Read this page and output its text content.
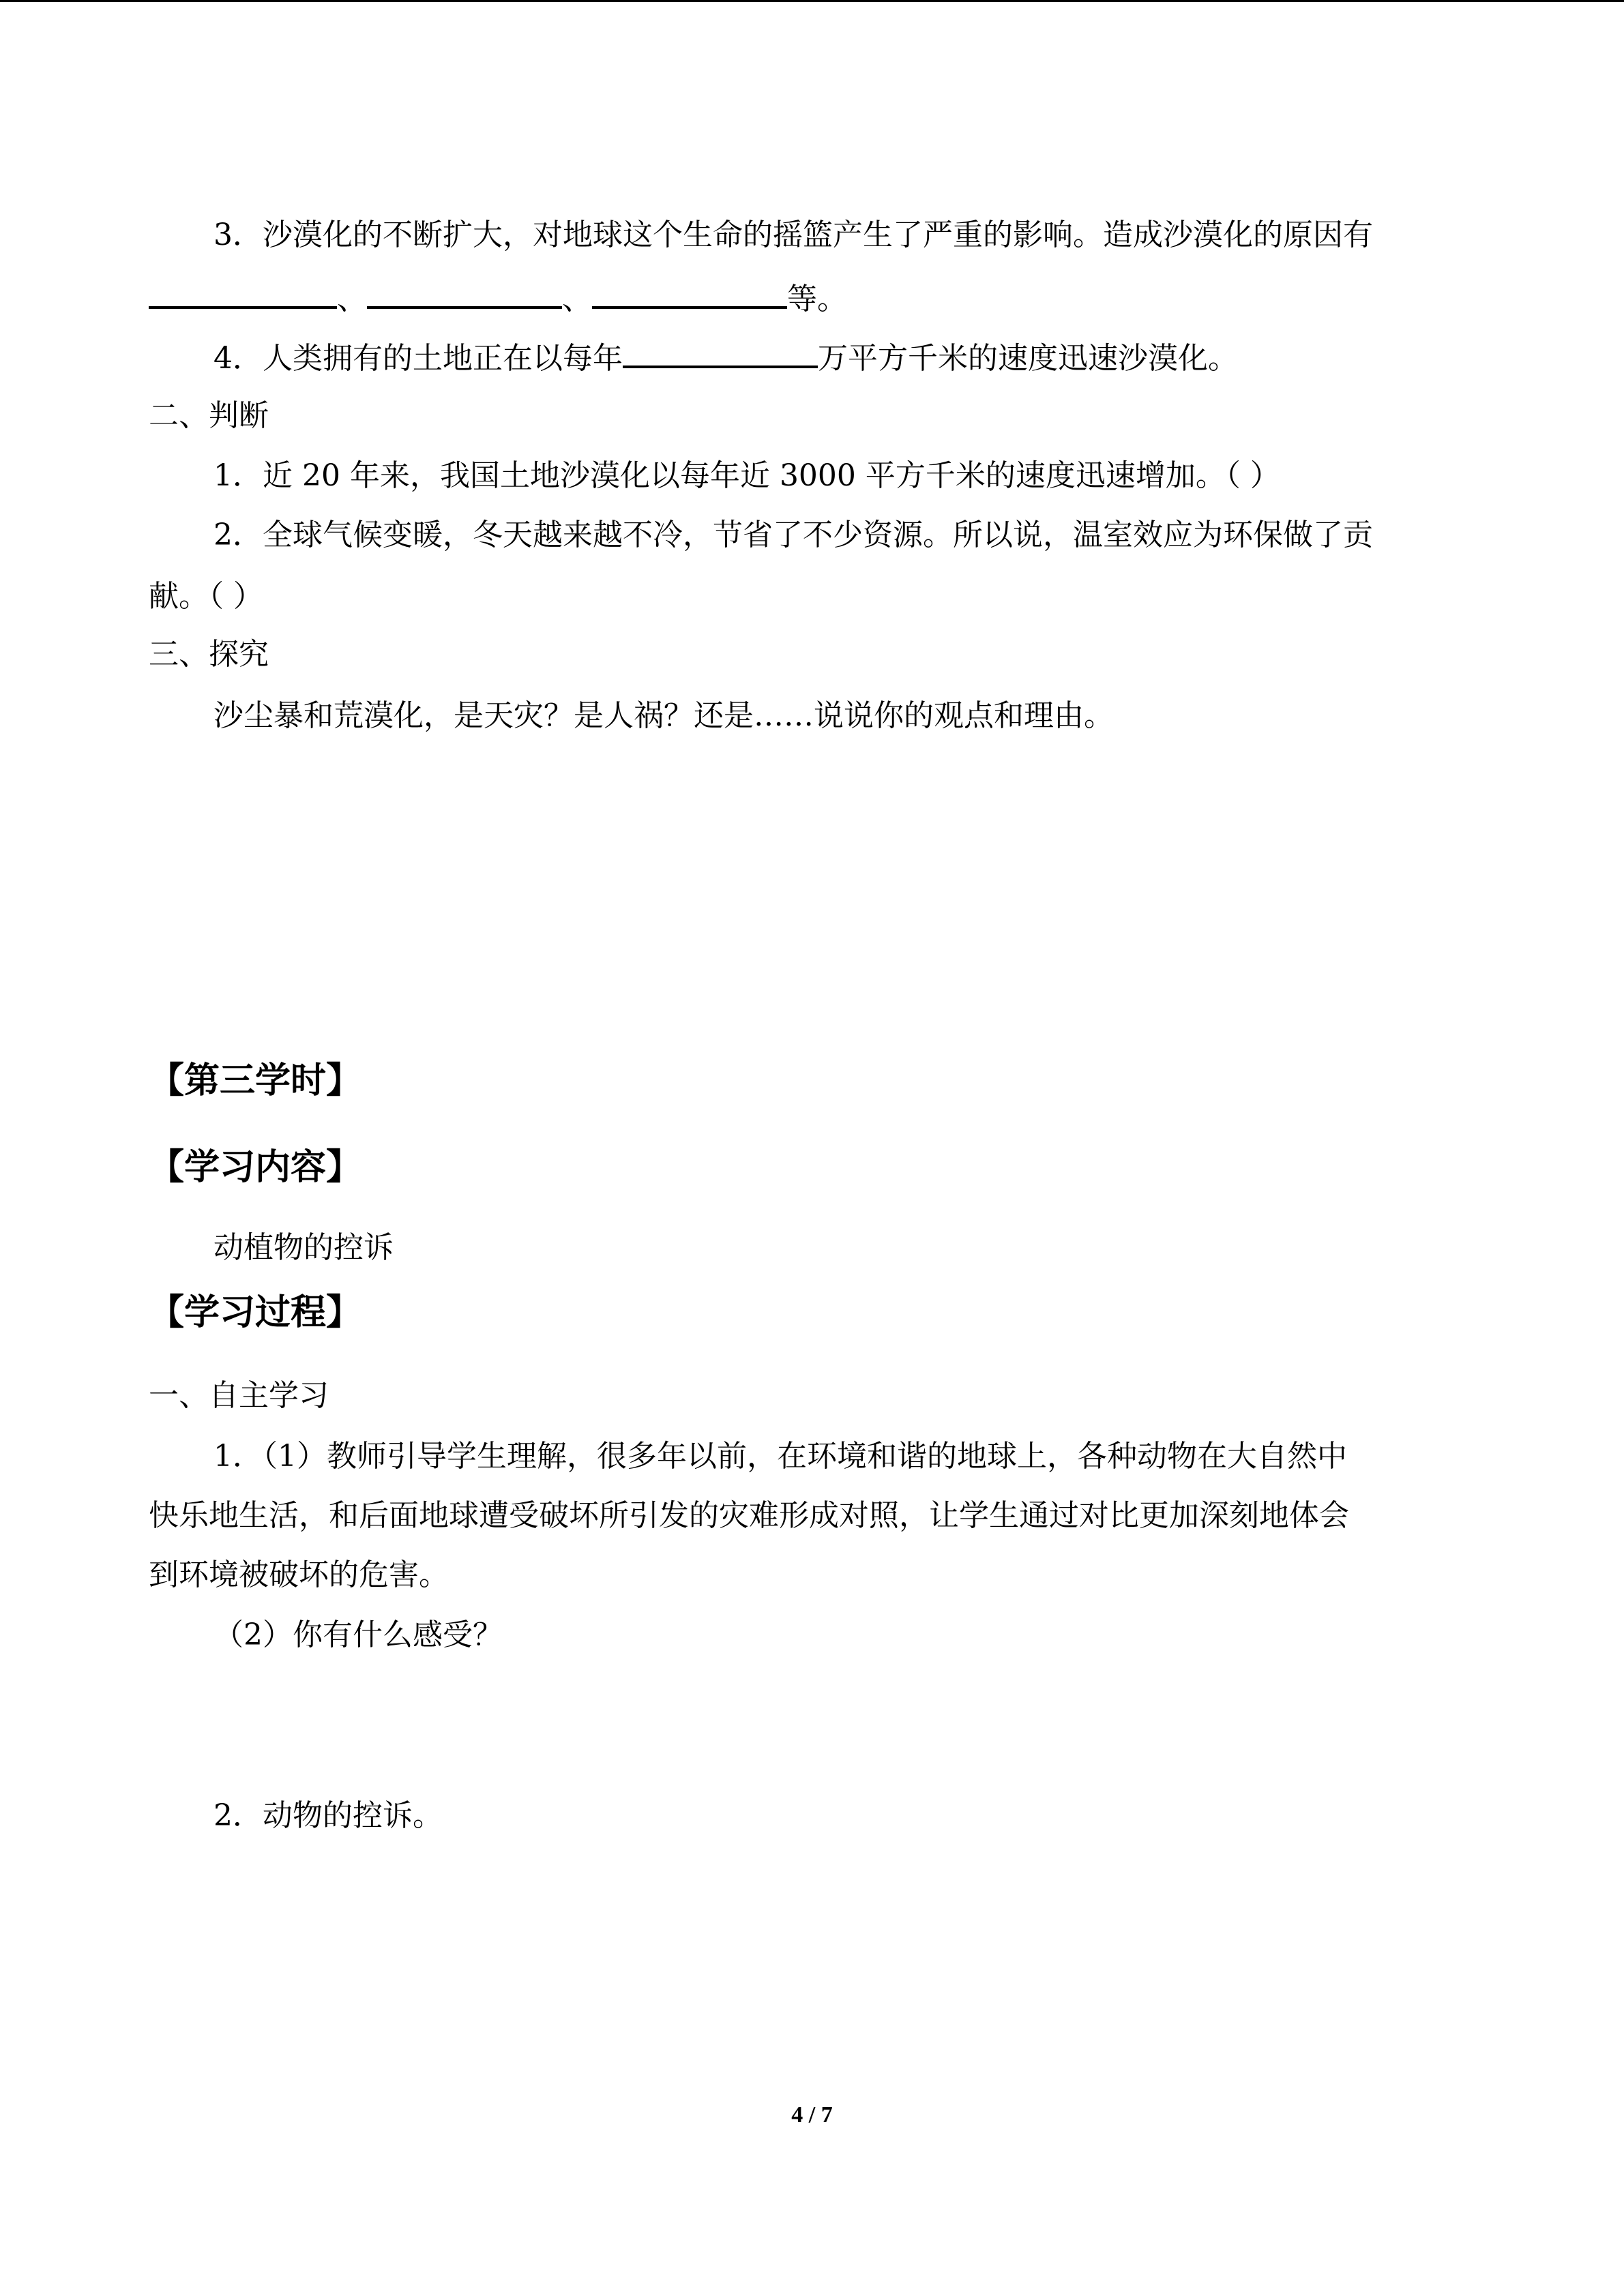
3．沙漠化的不断扩大，对地球这个生命的摇篮产生了严重的影响。造成沙漠化的原因有
、	、	等。
4．人类拥有的土地正在以每年	万平方千米的速度迅速沙漠化。
二、判断
1．近 20 年来，我国土地沙漠化以每年近 3000 平方千米的速度迅速增加。（ ）
2．全球气候变暖，冬天越来越不冷，节省了不少资源。所以说，温室效应为环保做了贡
献。（ ）
三、探究
沙尘暴和荒漠化，是天灾？是人祸？还是……说说你的观点和理由。
【第三学时】
【学习内容】
动植物的控诉
【学习过程】
一、自主学习
1．（1）教师引导学生理解，很多年以前，在环境和谐的地球上，各种动物在大自然中
快乐地生活，和后面地球遭受破坏所引发的灾难形成对照，让学生通过对比更加深刻地体会
到环境被破坏的危害。
（2）你有什么感受？
2．动物的控诉。
4 / 7
